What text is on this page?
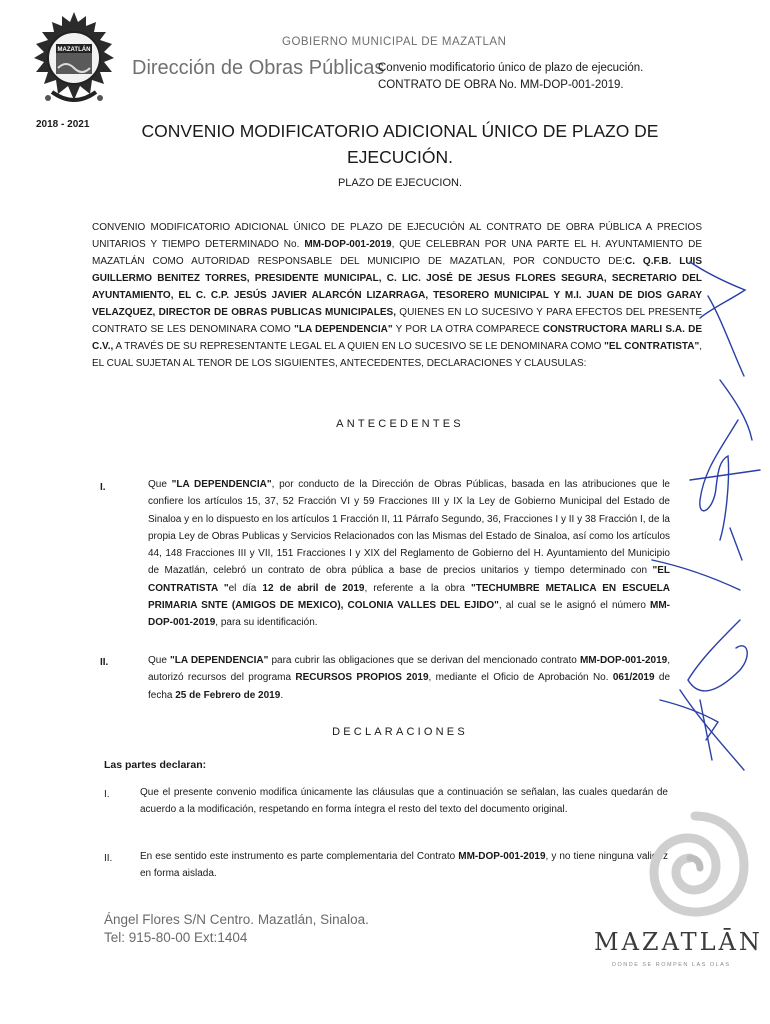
MAZATLÁN
GOBIERNO MUNICIPAL DE MAZATLAN
Dirección de Obras Públicas
Convenio modificatorio único de plazo de ejecución.
CONTRATO DE OBRA No. MM-DOP-001-2019.
2018 - 2021	CONVENIO MODIFICATORIO ADICIONAL ÚNICO DE PLAZO DE
EJECUCIÓN.
PLAZO DE EJECUCION.
CONVENIO MODIFICATORIO ADICIONAL ÚNICO DE PLAZO DE EJECUCIÓN AL CONTRATO DE OBRA PÚBLICA A PRECIOS UNITARIOS Y TIEMPO DETERMINADO No. MM-DOP-001-2019, QUE CELEBRAN POR UNA PARTE EL H. AYUNTAMIENTO DE MAZATLÁN COMO AUTORIDAD RESPONSABLE DEL MUNICIPIO DE MAZATLAN, POR CONDUCTO DE:C. Q.F.B. LUIS GUILLERMO BENITEZ TORRES, PRESIDENTE MUNICIPAL, C. LIC. JOSÉ DE JESUS FLORES SEGURA, SECRETARIO DEL AYUNTAMIENTO, EL C. C.P. JESÚS JAVIER ALARCÓN LIZARRAGA, TESORERO MUNICIPAL Y M.I. JUAN DE DIOS GARAY VELAZQUEZ, DIRECTOR DE OBRAS PUBLICAS MUNICIPALES, QUIENES EN LO SUCESIVO Y PARA EFECTOS DEL PRESENTE CONTRATO SE LES DENOMINARA COMO "LA DEPENDENCIA" Y POR LA OTRA COMPARECE CONSTRUCTORA MARLI S.A. DE C.V., A TRAVÉS DE SU REPRESENTANTE LEGAL EL A QUIEN EN LO SUCESIVO SE LE DENOMINARA COMO "EL CONTRATISTA", EL CUAL SUJETAN AL TENOR DE LOS SIGUIENTES, ANTECEDENTES, DECLARACIONES Y CLAUSULAS:
ANTECEDENTES
I.	Que "LA DEPENDENCIA", por conducto de la Dirección de Obras Públicas, basada en las atribuciones que le confiere los artículos 15, 37, 52 Fracción VI y 59 Fracciones III y IX la Ley de Gobierno Municipal del Estado de Sinaloa y en lo dispuesto en los artículos 1 Fracción II, 11 Párrafo Segundo, 36, Fracciones I y II y 38 Fracción I, de la propia Ley de Obras Publicas y Servicios Relacionados con las Mismas del Estado de Sinaloa, así como los artículos 44, 148 Fracciones III y VII, 151 Fracciones I y XIX del Reglamento de Gobierno del H. Ayuntamiento del Municipio de Mazatlán, celebró un contrato de obra pública a base de precios unitarios y tiempo determinado con "EL CONTRATISTA "el día 12 de abril de 2019, referente a la obra "TECHUMBRE METALICA EN ESCUELA PRIMARIA SNTE (AMIGOS DE MEXICO), COLONIA VALLES DEL EJIDO", al cual se le asignó el número MM-DOP-001-2019, para su identificación.
II.	Que "LA DEPENDENCIA" para cubrir las obligaciones que se derivan del mencionado contrato MM-DOP-001-2019, autorizó recursos del programa RECURSOS PROPIOS 2019, mediante el Oficio de Aprobación No. 061/2019 de fecha 25 de Febrero de 2019.
DECLARACIONES
Las partes declaran:
I.	Que el presente convenio modifica únicamente las cláusulas que a continuación se señalan, las cuales quedarán de acuerdo a la modificación, respetando en forma íntegra el resto del texto del documento original.
II.	En ese sentido este instrumento es parte complementaria del Contrato MM-DOP-001-2019, y no tiene ninguna validez en forma aislada.
Ángel Flores S/N Centro. Mazatlán, Sinaloa.
Tel: 915-80-00 Ext:1404	MAZATLĀN
DONDE SE ROMPEN LAS OLAS
